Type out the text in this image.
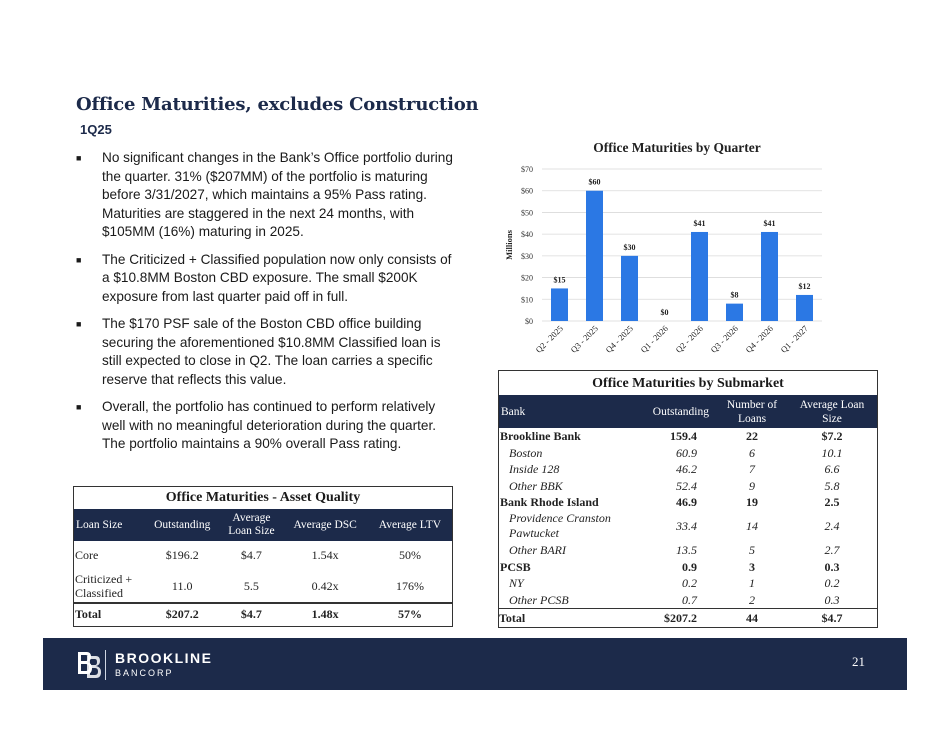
Office Maturities, excludes Construction
1Q25
■	No significant changes in the Bank’s Office portfolio during the quarter. 31% ($207MM) of the portfolio is maturing before 3/31/2027, which maintains a 95% Pass rating. Maturities are staggered in the next 24 months, with $105MM (16%) maturing in 2025.
■	The Criticized + Classified population now only consists of a $10.8MM Boston CBD exposure. The small $200K exposure from last quarter paid off in full.
■	The $170 PSF sale of the Boston CBD office building securing the aforementioned $10.8MM Classified loan is still expected to close in Q2. The loan carries a specific reserve that reflects this value.
■	Overall, the portfolio has continued to perform relatively well with no meaningful deterioration during the quarter. The portfolio maintains a 90% overall Pass rating.
Office Maturities - Asset Quality
Loan Size	Outstanding	Average Loan Size	Average DSC	Average LTV
Core	$196.2	$4.7	1.54x	50%
Criticized + Classified	11.0	5.5	0.42x	176%
Total	$207.2	$4.7	1.48x	57%
Office Maturities by Quarter
$0
$10
$20
$30
$40
$50
$60
$70
Millions
$15
Q2 - 2025
$60
Q3 - 2025
$30
Q4 - 2025
$0
Q1 - 2026
$41
Q2 - 2026
$8
Q3 - 2026
$41
Q4 - 2026
$12
Q1 - 2027
Office Maturities by Submarket
Bank	Outstanding	Number of Loans	Average Loan Size
Brookline Bank	159.4	22	$7.2
Boston	60.9	6	10.1
Inside 128	46.2	7	6.6
Other BBK	52.4	9	5.8
Bank Rhode Island	46.9	19	2.5
Providence Cranston Pawtucket	33.4	14	2.4
Other BARI	13.5	5	2.7
PCSB	0.9	3	0.3
NY	0.2	1	0.2
Other PCSB	0.7	2	0.3
Total	$207.2	44	$4.7
BROOKLINE
BANCORP
21
